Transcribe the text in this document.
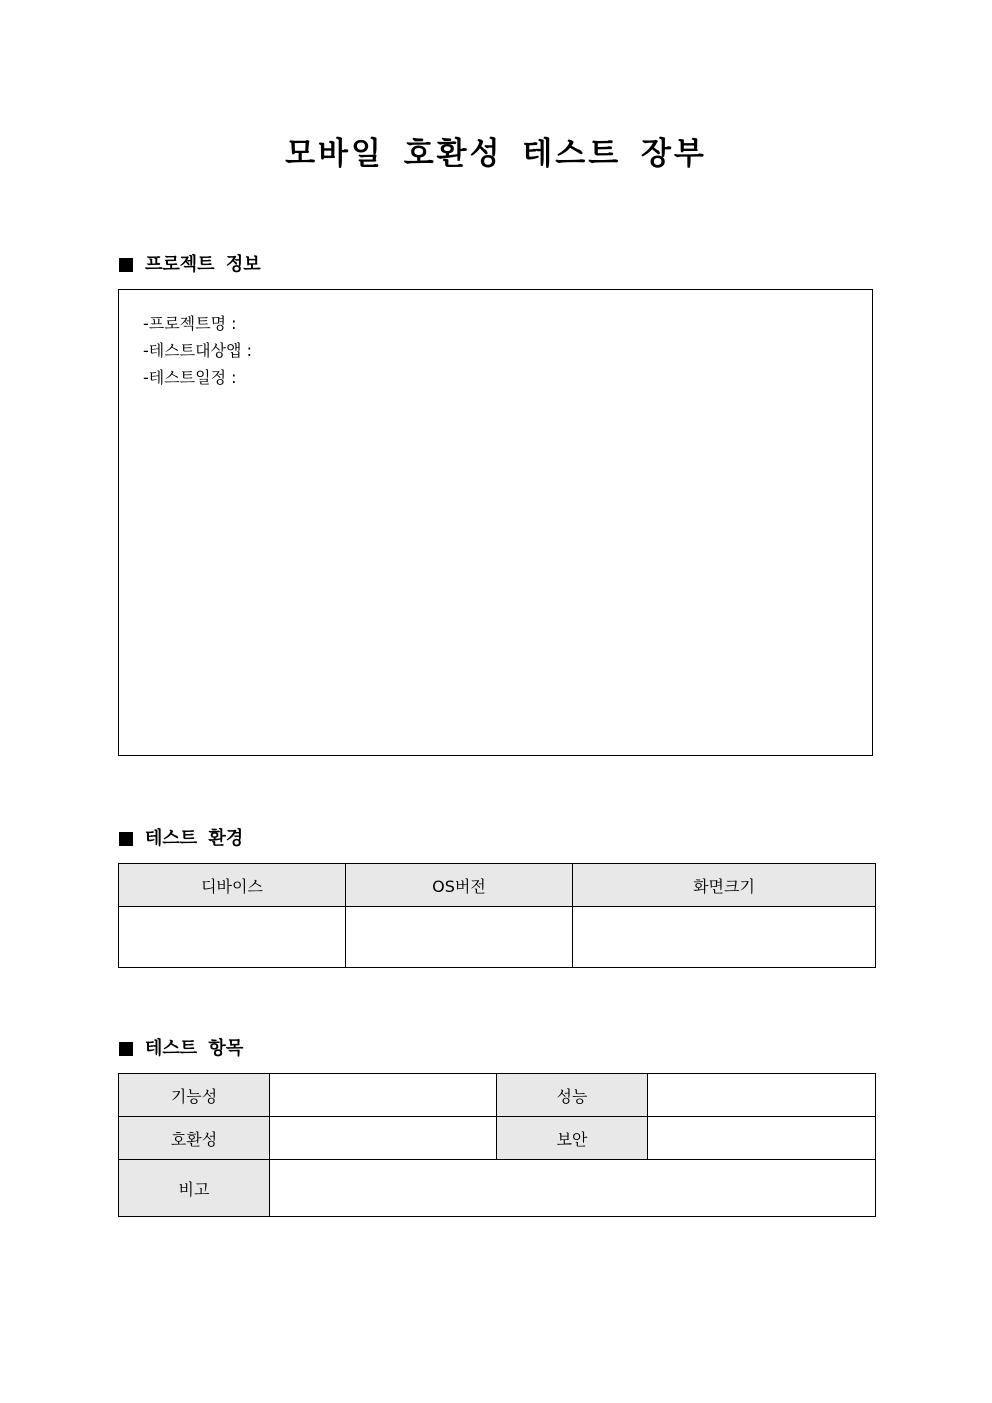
모바일 호환성 테스트 장부
프로젝트 정보
-프로젝트명 :
-테스트대상앱 :
-테스트일정 :
테스트 환경
디바이스	OS버전	화면크기

테스트 항목
기능성		성능	
호환성		보안	
비고			
